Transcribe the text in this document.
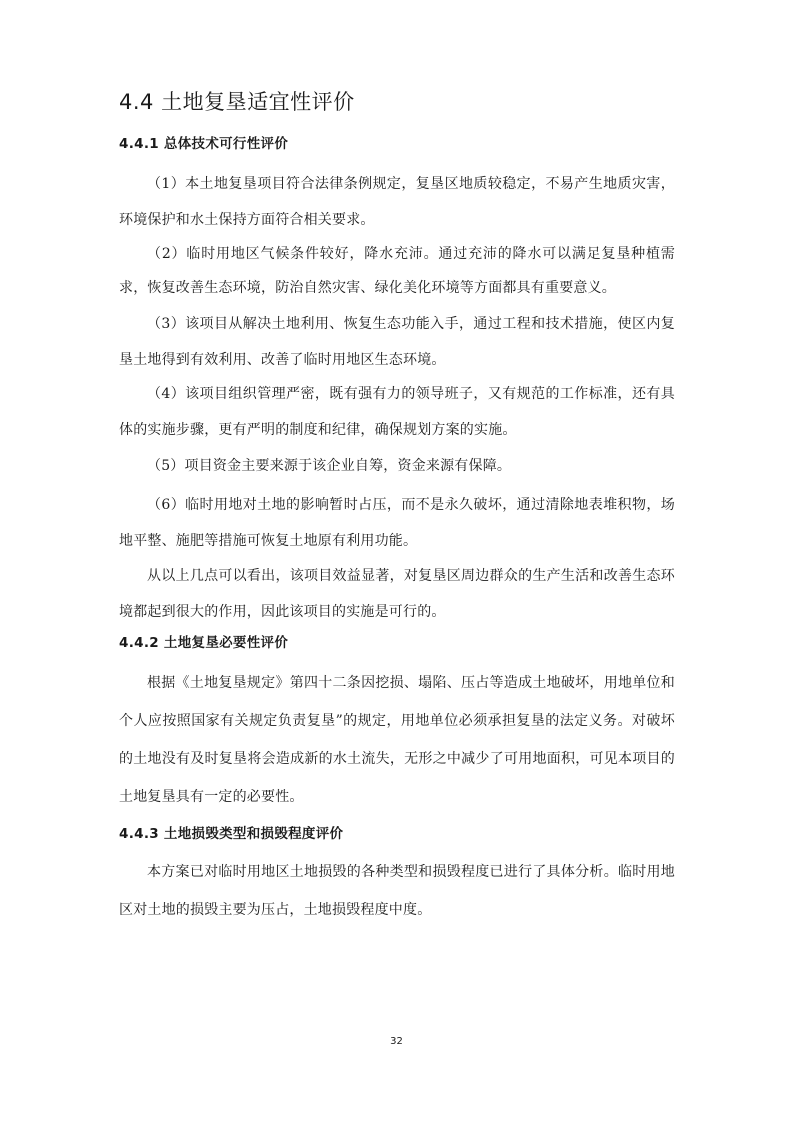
4.4 土地复垦适宜性评价
4.4.1 总体技术可行性评价

（1）本土地复垦项目符合法律条例规定，复垦区地质较稳定，不易产生地质灾害，环境保护和水土保持方面符合相关要求。

（2）临时用地区气候条件较好，降水充沛。通过充沛的降水可以满足复垦种植需求，恢复改善生态环境，防治自然灾害、绿化美化环境等方面都具有重要意义。

（3）该项目从解决土地利用、恢复生态功能入手，通过工程和技术措施，使区内复垦土地得到有效利用、改善了临时用地区生态环境。

（4）该项目组织管理严密，既有强有力的领导班子，又有规范的工作标准，还有具体的实施步骤，更有严明的制度和纪律，确保规划方案的实施。

（5）项目资金主要来源于该企业自筹，资金来源有保障。

（6）临时用地对土地的影响暂时占压，而不是永久破坏，通过清除地表堆积物，场地平整、施肥等措施可恢复土地原有利用功能。

从以上几点可以看出，该项目效益显著，对复垦区周边群众的生产生活和改善生态环境都起到很大的作用，因此该项目的实施是可行的。

4.4.2 土地复垦必要性评价

根据《土地复垦规定》第四十二条因挖损、塌陷、压占等造成土地破坏，用地单位和个人应按照国家有关规定负责复垦”的规定，用地单位必须承担复垦的法定义务。对破坏的土地没有及时复垦将会造成新的水土流失，无形之中减少了可用地面积，可见本项目的土地复垦具有一定的必要性。

4.4.3 土地损毁类型和损毁程度评价

本方案已对临时用地区土地损毁的各种类型和损毁程度已进行了具体分析。临时用地区对土地的损毁主要为压占，土地损毁程度中度。

32
